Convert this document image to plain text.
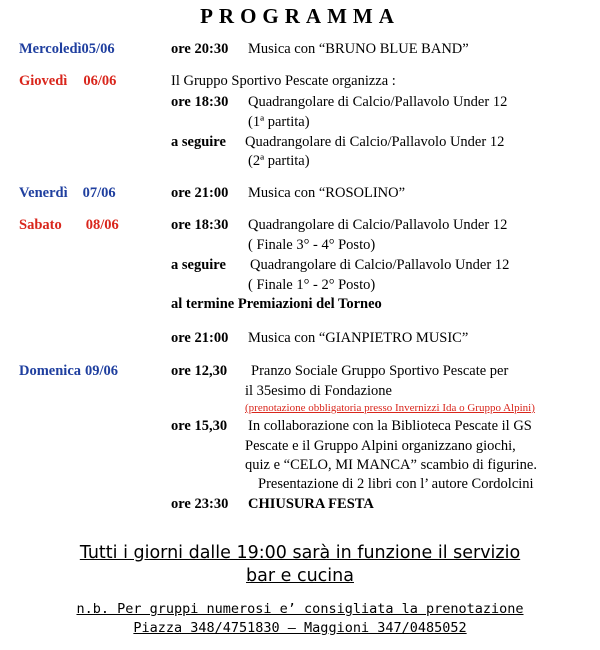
PROGRAMMA
Mercoledì05/06	ore 20:30 Musica con “BRUNO BLUE BAND”
Giovedì 06/06	Il Gruppo Sportivo Pescate organizza :
ore 18:30 Quadrangolare di Calcio/Pallavolo Under 12
(1ª partita)
a seguire Quadrangolare di Calcio/Pallavolo Under 12
(2ª partita)
Venerdì 07/06	ore 21:00 Musica con “ROSOLINO”
Sabato 08/06	ore 18:30 Quadrangolare di Calcio/Pallavolo Under 12
( Finale 3° - 4° Posto)
a seguire Quadrangolare di Calcio/Pallavolo Under 12
( Finale 1° - 2° Posto)
al termine Premiazioni del Torneo
ore 21:00 Musica con “GIANPIETRO MUSIC”
Domenica 09/06	ore 12,30 Pranzo Sociale Gruppo Sportivo Pescate per
il 35esimo di Fondazione
(prenotazione obbligatoria presso Invernizzi Ida o Gruppo Alpini)
ore 15,30 In collaborazione con la Biblioteca Pescate il GS
Pescate e il Gruppo Alpini organizzano giochi,
quiz e “CELO, MI MANCA” scambio di figurine.
Presentazione di 2 libri con l’ autore Cordolcini
ore 23:30 CHIUSURA FESTA
Tutti i giorni dalle 19:00 sarà in funzione il servizio
bar e cucina
n.b. Per gruppi numerosi e’ consigliata la prenotazione
Piazza 348/4751830 – Maggioni 347/0485052
